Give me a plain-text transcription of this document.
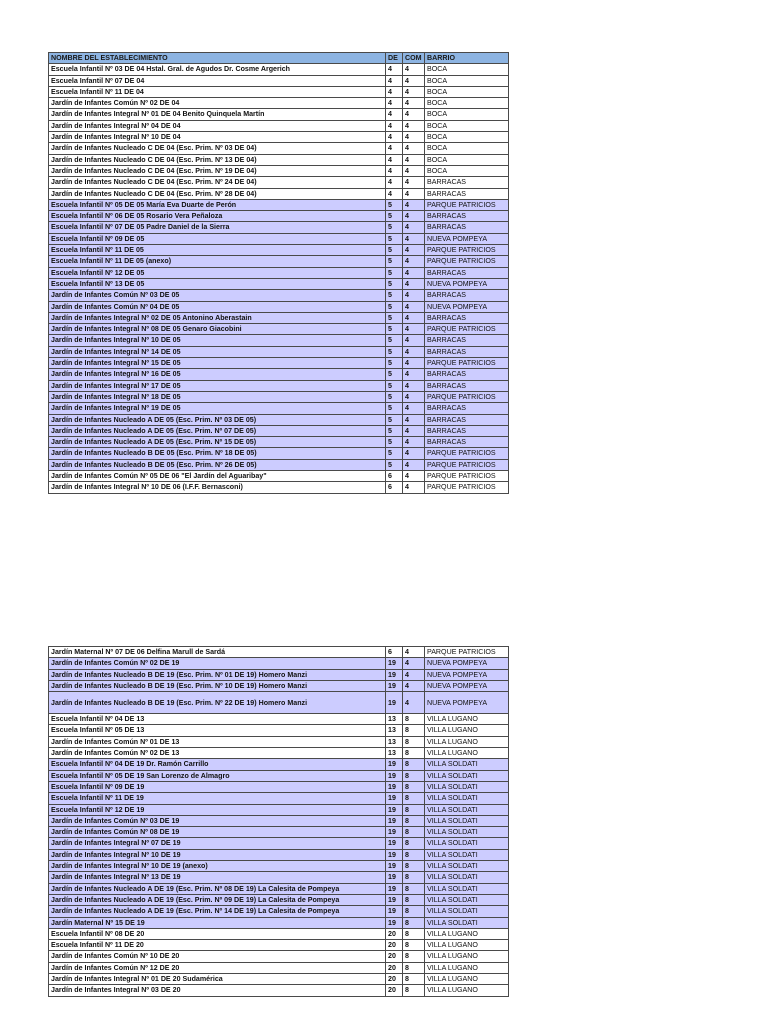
NOMBRE DEL ESTABLECIMIENTO	DE	COM	BARRIO
Escuela Infantil Nº 03 DE 04 Hstal. Gral. de Agudos Dr. Cosme Argerich	4	4	BOCA
Escuela Infantil Nº 07 DE 04	4	4	BOCA
Escuela Infantil Nº 11 DE 04	4	4	BOCA
Jardín de Infantes Común Nº 02 DE 04	4	4	BOCA
Jardín de Infantes Integral Nº 01 DE 04 Benito Quinquela Martín	4	4	BOCA
Jardín de Infantes Integral Nº 04 DE 04	4	4	BOCA
Jardín de Infantes Integral Nº 10 DE 04	4	4	BOCA
Jardín de Infantes Nucleado C DE 04 (Esc. Prim. Nº 03 DE 04)	4	4	BOCA
Jardín de Infantes Nucleado C DE 04 (Esc. Prim. Nº 13 DE 04)	4	4	BOCA
Jardín de Infantes Nucleado C DE 04 (Esc. Prim. Nº 19 DE 04)	4	4	BOCA
Jardín de Infantes Nucleado C DE 04 (Esc. Prim. Nº 24 DE 04)	4	4	BARRACAS
Jardín de Infantes Nucleado C DE 04 (Esc. Prim. Nº 28 DE 04)	4	4	BARRACAS
Escuela Infantil Nº 05 DE 05 María Eva Duarte de Perón	5	4	PARQUE PATRICIOS
Escuela Infantil Nº 06 DE 05 Rosario Vera Peñaloza	5	4	BARRACAS
Escuela Infantil Nº 07 DE 05 Padre Daniel de la Sierra	5	4	BARRACAS
Escuela Infantil Nº 09 DE 05	5	4	NUEVA POMPEYA
Escuela Infantil Nº 11 DE 05	5	4	PARQUE PATRICIOS
Escuela Infantil Nº 11 DE 05 (anexo)	5	4	PARQUE PATRICIOS
Escuela Infantil Nº 12 DE 05	5	4	BARRACAS
Escuela Infantil Nº 13 DE 05	5	4	NUEVA POMPEYA
Jardín de Infantes Común Nº 03 DE 05	5	4	BARRACAS
Jardín de Infantes Común Nº 04 DE 05	5	4	NUEVA POMPEYA
Jardín de Infantes Integral Nº 02 DE 05 Antonino Aberastain	5	4	BARRACAS
Jardín de Infantes Integral Nº 08 DE 05 Genaro Giacobini	5	4	PARQUE PATRICIOS
Jardín de Infantes Integral Nº 10 DE 05	5	4	BARRACAS
Jardín de Infantes Integral Nº 14 DE 05	5	4	BARRACAS
Jardín de Infantes Integral Nº 15 DE 05	5	4	PARQUE PATRICIOS
Jardín de Infantes Integral Nº 16 DE 05	5	4	BARRACAS
Jardín de Infantes Integral Nº 17 DE 05	5	4	BARRACAS
Jardín de Infantes Integral Nº 18 DE 05	5	4	PARQUE PATRICIOS
Jardín de Infantes Integral Nº 19 DE 05	5	4	BARRACAS
Jardín de Infantes Nucleado A DE 05 (Esc. Prim. Nº 03 DE 05)	5	4	BARRACAS
Jardín de Infantes Nucleado A DE 05 (Esc. Prim. Nº 07 DE 05)	5	4	BARRACAS
Jardín de Infantes Nucleado A DE 05 (Esc. Prim. Nº 15 DE 05)	5	4	BARRACAS
Jardín de Infantes Nucleado B DE 05 (Esc. Prim. Nº 18 DE 05)	5	4	PARQUE PATRICIOS
Jardín de Infantes Nucleado B DE 05 (Esc. Prim. Nº 26 DE 05)	5	4	PARQUE PATRICIOS
Jardín de Infantes Común Nº 05 DE 06 "El Jardín del Aguaribay"	6	4	PARQUE PATRICIOS
Jardín de Infantes Integral Nº 10 DE 06 (I.F.F. Bernasconi)	6	4	PARQUE PATRICIOS
Jardín Maternal Nº 07 DE 06 Delfina Marull de Sardá	6	4	PARQUE PATRICIOS
Jardín de Infantes Común Nº 02 DE 19	19	4	NUEVA POMPEYA
Jardín de Infantes Nucleado B DE 19 (Esc. Prim. Nº 01 DE 19) Homero Manzi	19	4	NUEVA POMPEYA
Jardín de Infantes Nucleado B DE 19 (Esc. Prim. Nº 10 DE 19) Homero Manzi	19	4	NUEVA POMPEYA
Jardín de Infantes Nucleado B DE 19 (Esc. Prim. Nº 22 DE 19) Homero Manzi	19	4	NUEVA POMPEYA
Escuela Infantil Nº 04 DE 13	13	8	VILLA LUGANO
Escuela Infantil Nº 05 DE 13	13	8	VILLA LUGANO
Jardín de Infantes Común Nº 01 DE 13	13	8	VILLA LUGANO
Jardín de Infantes Común Nº 02 DE 13	13	8	VILLA LUGANO
Escuela Infantil Nº 04 DE 19 Dr. Ramón Carrillo	19	8	VILLA SOLDATI
Escuela Infantil Nº 05 DE 19 San Lorenzo de Almagro	19	8	VILLA SOLDATI
Escuela Infantil Nº 09 DE 19	19	8	VILLA SOLDATI
Escuela Infantil Nº 11 DE 19	19	8	VILLA SOLDATI
Escuela Infantil Nº 12 DE 19	19	8	VILLA SOLDATI
Jardín de Infantes Común Nº 03 DE 19	19	8	VILLA SOLDATI
Jardín de Infantes Común Nº 08 DE 19	19	8	VILLA SOLDATI
Jardín de Infantes Integral Nº 07 DE 19	19	8	VILLA SOLDATI
Jardín de Infantes Integral Nº 10 DE 19	19	8	VILLA SOLDATI
Jardín de Infantes Integral Nº 10 DE 19 (anexo)	19	8	VILLA SOLDATI
Jardín de Infantes Integral Nº 13 DE 19	19	8	VILLA SOLDATI
Jardín de Infantes Nucleado A DE 19 (Esc. Prim. Nº 08 DE 19) La Calesita de Pompeya	19	8	VILLA SOLDATI
Jardín de Infantes Nucleado A DE 19 (Esc. Prim. Nº 09 DE 19) La Calesita de Pompeya	19	8	VILLA SOLDATI
Jardín de Infantes Nucleado A DE 19 (Esc. Prim. Nº 14 DE 19) La Calesita de Pompeya	19	8	VILLA SOLDATI
Jardín Maternal Nº 15 DE 19	19	8	VILLA SOLDATI
Escuela Infantil Nº 08 DE 20	20	8	VILLA LUGANO
Escuela Infantil Nº 11 DE 20	20	8	VILLA LUGANO
Jardín de Infantes Común Nº 10 DE 20	20	8	VILLA LUGANO
Jardín de Infantes Común Nº 12 DE 20	20	8	VILLA LUGANO
Jardín de Infantes Integral Nº 01 DE 20 Sudamérica	20	8	VILLA LUGANO
Jardín de Infantes Integral Nº 03 DE 20	20	8	VILLA LUGANO
